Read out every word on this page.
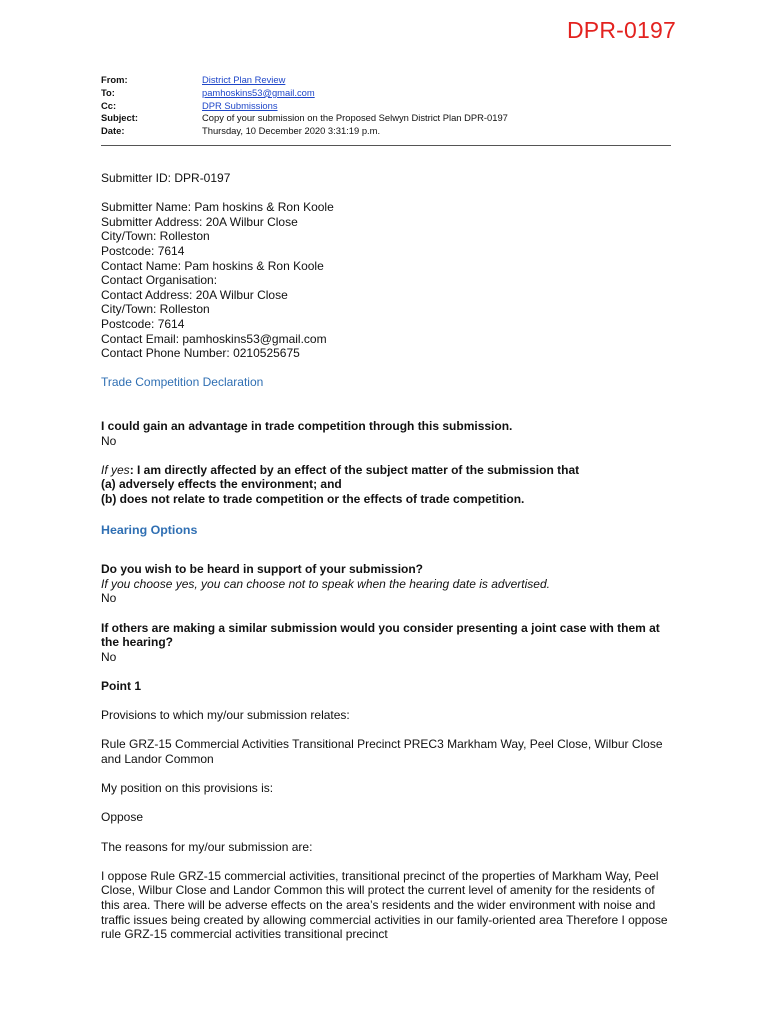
DPR-0197
From:	District Plan Review
To:	pamhoskins53@gmail.com
Cc:	DPR Submissions
Subject:	Copy of your submission on the Proposed Selwyn District Plan DPR-0197
Date:	Thursday, 10 December 2020 3:31:19 p.m.

Submitter ID: DPR-0197

Submitter Name: Pam hoskins & Ron Koole

Submitter Address: 20A Wilbur Close

City/Town: Rolleston

Postcode: 7614

Contact Name: Pam hoskins & Ron Koole

Contact Organisation:

Contact Address: 20A Wilbur Close

City/Town: Rolleston

Postcode: 7614

Contact Email: pamhoskins53@gmail.com

Contact Phone Number: 0210525675

Trade Competition Declaration

I could gain an advantage in trade competition through this submission.

No

If yes: I am directly affected by an effect of the subject matter of the submission that

(a) adversely effects the environment; and

(b) does not relate to trade competition or the effects of trade competition.

Hearing Options

Do you wish to be heard in support of your submission?

If you choose yes, you can choose not to speak when the hearing date is advertised.

No

If others are making a similar submission would you consider presenting a joint case with them at the hearing?

No

Point 1

Provisions to which my/our submission relates:

Rule GRZ-15 Commercial Activities Transitional Precinct PREC3 Markham Way, Peel Close, Wilbur Close and Landor Common

My position on this provisions is:

Oppose

The reasons for my/our submission are:

I oppose Rule GRZ-15 commercial activities, transitional precinct of the properties of Markham Way, Peel Close, Wilbur Close and Landor Common this will protect the current level of amenity for the residents of this area. There will be adverse effects on the area’s residents and the wider environment with noise and traffic issues being created by allowing commercial activities in our family-oriented area Therefore I oppose rule GRZ-15 commercial activities transitional precinct
